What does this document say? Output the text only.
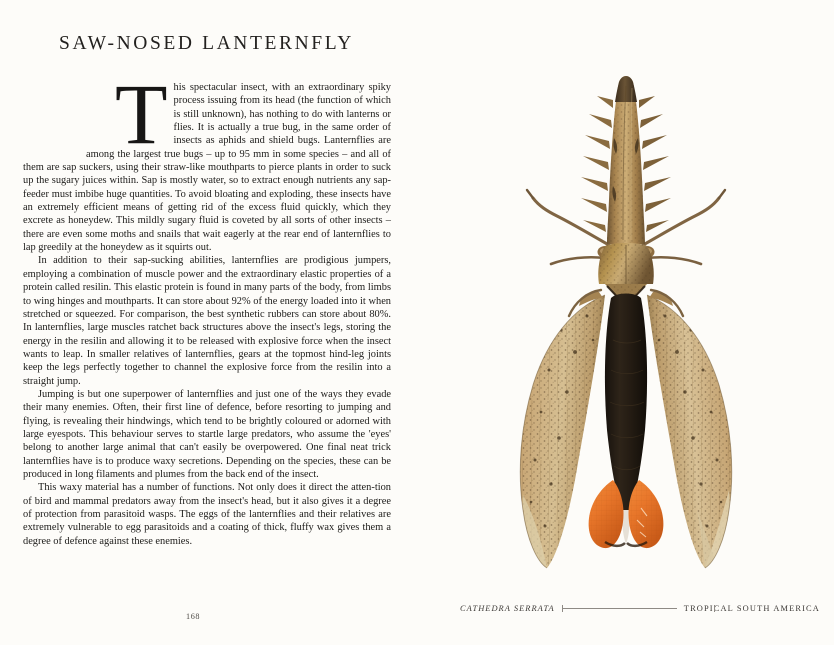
SAW-NOSED LANTERNFLY

This spectacular insect, with an extraordinary spiky process issuing from its head (the function of which is still unknown), has nothing to do with lanterns or flies. It is actually a true bug, in the same order of insects as aphids and shield bugs. Lanternflies are among the largest true bugs – up to 95 mm in some species – and all of them are sap suckers, using their straw-like mouthparts to pierce plants in order to suck up the sugary juices within. Sap is mostly water, so to extract enough nutrients any sap-feeder must imbibe huge quantities. To avoid bloating and exploding, these insects have an extremely efficient means of getting rid of the excess fluid quickly, which they excrete as honeydew. This mildly sugary fluid is coveted by all sorts of other insects – there are even some moths and snails that wait eagerly at the rear end of lanternflies to lap greedily at the honeydew as it squirts out.

In addition to their sap-sucking abilities, lanternflies are prodigious jumpers, employing a combination of muscle power and the extraordinary elastic properties of a protein called resilin. This elastic protein is found in many parts of the body, from limbs to wing hinges and mouthparts. It can store about 92% of the energy loaded into it when stretched or squeezed. For comparison, the best synthetic rubbers can store about 80%. In lanternflies, large muscles ratchet back structures above the insect's legs, storing the energy in the resilin and allowing it to be released with explosive force when the insect wants to leap. In smaller relatives of lanternflies, gears at the topmost hind-leg joints keep the legs perfectly together to channel the explosive force from the resilin into a straight jump.

Jumping is but one superpower of lanternflies and just one of the ways they evade their many enemies. Often, their first line of defence, before resorting to jumping and flying, is revealing their hindwings, which tend to be brightly coloured or adorned with large eyespots. This behaviour serves to startle large predators, who assume the 'eyes' belong to another large animal that can't easily be overpowered. One final neat trick lanternflies have is to produce waxy secretions. Depending on the species, these can be produced in long filaments and plumes from the back end of the insect.

This waxy material has a number of functions. Not only does it direct the atten-tion of bird and mammal predators away from the insect's head, but it also gives it a degree of protection from parasitoid wasps. The eggs of the lanternflies and their relatives are extremely vulnerable to egg parasitoids and a coating of thick, fluffy wax gives them a degree of defence against these enemies.

168
CATHEDRA SERRATA	TROPICAL SOUTH AMERICA
